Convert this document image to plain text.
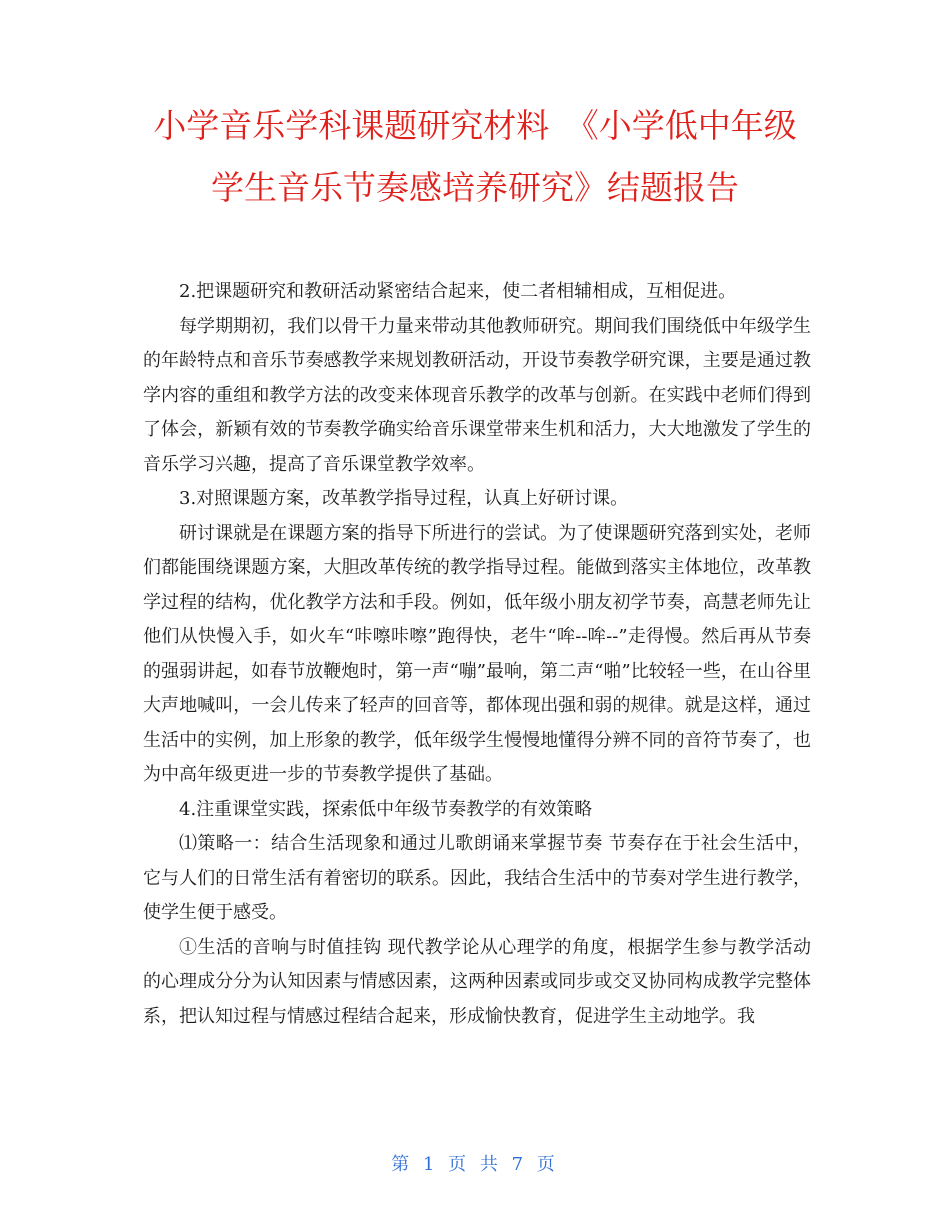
小学音乐学科课题研究材料　《小学低中年级
学生音乐节奏感培养研究》结题报告

2.把课题研究和教研活动紧密结合起来，使二者相辅相成，互相促进。

每学期期初，我们以骨干力量来带动其他教师研究。期间我们围绕低中年级学生的年龄特点和音乐节奏感教学来规划教研活动，开设节奏教学研究课，主要是通过教学内容的重组和教学方法的改变来体现音乐教学的改革与创新。在实践中老师们得到了体会，新颖有效的节奏教学确实给音乐课堂带来生机和活力，大大地激发了学生的音乐学习兴趣，提高了音乐课堂教学效率。

3.对照课题方案，改革教学指导过程，认真上好研讨课。

研讨课就是在课题方案的指导下所进行的尝试。为了使课题研究落到实处，老师们都能围绕课题方案，大胆改革传统的教学指导过程。能做到落实主体地位，改革教学过程的结构，优化教学方法和手段。例如，低年级小朋友初学节奏，高慧老师先让他们从快慢入手，如火车“咔嚓咔嚓”跑得快，老牛“哞--哞--”走得慢。然后再从节奏的强弱讲起，如春节放鞭炮时，第一声“嘣”最响，第二声“啪”比较轻一些，在山谷里大声地喊叫，一会儿传来了轻声的回音等，都体现出强和弱的规律。就是这样，通过生活中的实例，加上形象的教学，低年级学生慢慢地懂得分辨不同的音符节奏了，也为中高年级更进一步的节奏教学提供了基础。

4.注重课堂实践，探索低中年级节奏教学的有效策略

⑴策略一：结合生活现象和通过儿歌朗诵来掌握节奏 节奏存在于社会生活中，它与人们的日常生活有着密切的联系。因此，我结合生活中的节奏对学生进行教学，使学生便于感受。

①生活的音响与时值挂钩 现代教学论从心理学的角度，根据学生参与教学活动的心理成分分为认知因素与情感因素，这两种因素或同步或交叉协同构成教学完整体系，把认知过程与情感过程结合起来，形成愉快教育，促进学生主动地学。我

第 1 页 共 7 页
